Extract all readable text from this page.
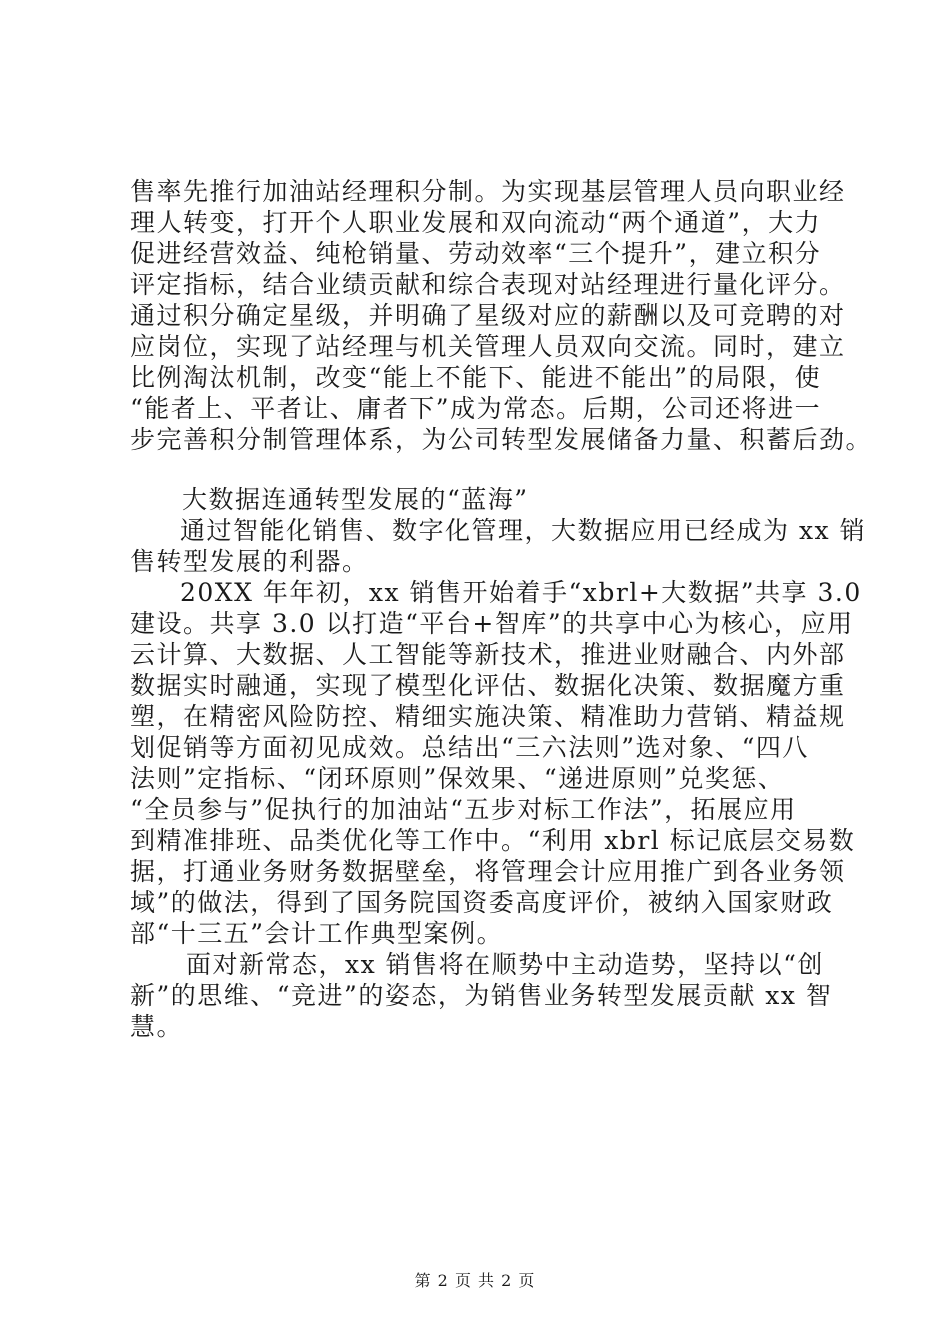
售率先推行加油站经理积分制。为实现基层管理人员向职业经
理人转变，打开个人职业发展和双向流动“两个通道”，大力
促进经营效益、纯枪销量、劳动效率“三个提升”，建立积分
评定指标，结合业绩贡献和综合表现对站经理进行量化评分。
通过积分确定星级，并明确了星级对应的薪酬以及可竞聘的对
应岗位，实现了站经理与机关管理人员双向交流。同时，建立
比例淘汰机制，改变“能上不能下、能进不能出”的局限，使
“能者上、平者让、庸者下”成为常态。后期，公司还将进一
步完善积分制管理体系，为公司转型发展储备力量、积蓄后劲。
大数据连通转型发展的“蓝海”
通过智能化销售、数字化管理，大数据应用已经成为 xx 销
售转型发展的利器。
20XX 年年初，xx 销售开始着手“xbrl+大数据”共享 3.0
建设。共享 3.0 以打造“平台+智库”的共享中心为核心，应用
云计算、大数据、人工智能等新技术，推进业财融合、内外部
数据实时融通，实现了模型化评估、数据化决策、数据魔方重
塑，在精密风险防控、精细实施决策、精准助力营销、精益规
划促销等方面初见成效。总结出“三六法则”选对象、“四八
法则”定指标、“闭环原则”保效果、“递进原则”兑奖惩、
“全员参与”促执行的加油站“五步对标工作法”，拓展应用
到精准排班、品类优化等工作中。“利用 xbrl 标记底层交易数
据，打通业务财务数据壁垒，将管理会计应用推广到各业务领
域”的做法，得到了国务院国资委高度评价，被纳入国家财政
部“十三五”会计工作典型案例。
面对新常态，xx 销售将在顺势中主动造势，坚持以“创
新”的思维、“竞进”的姿态，为销售业务转型发展贡献 xx 智
慧。
第 2 页 共 2 页
